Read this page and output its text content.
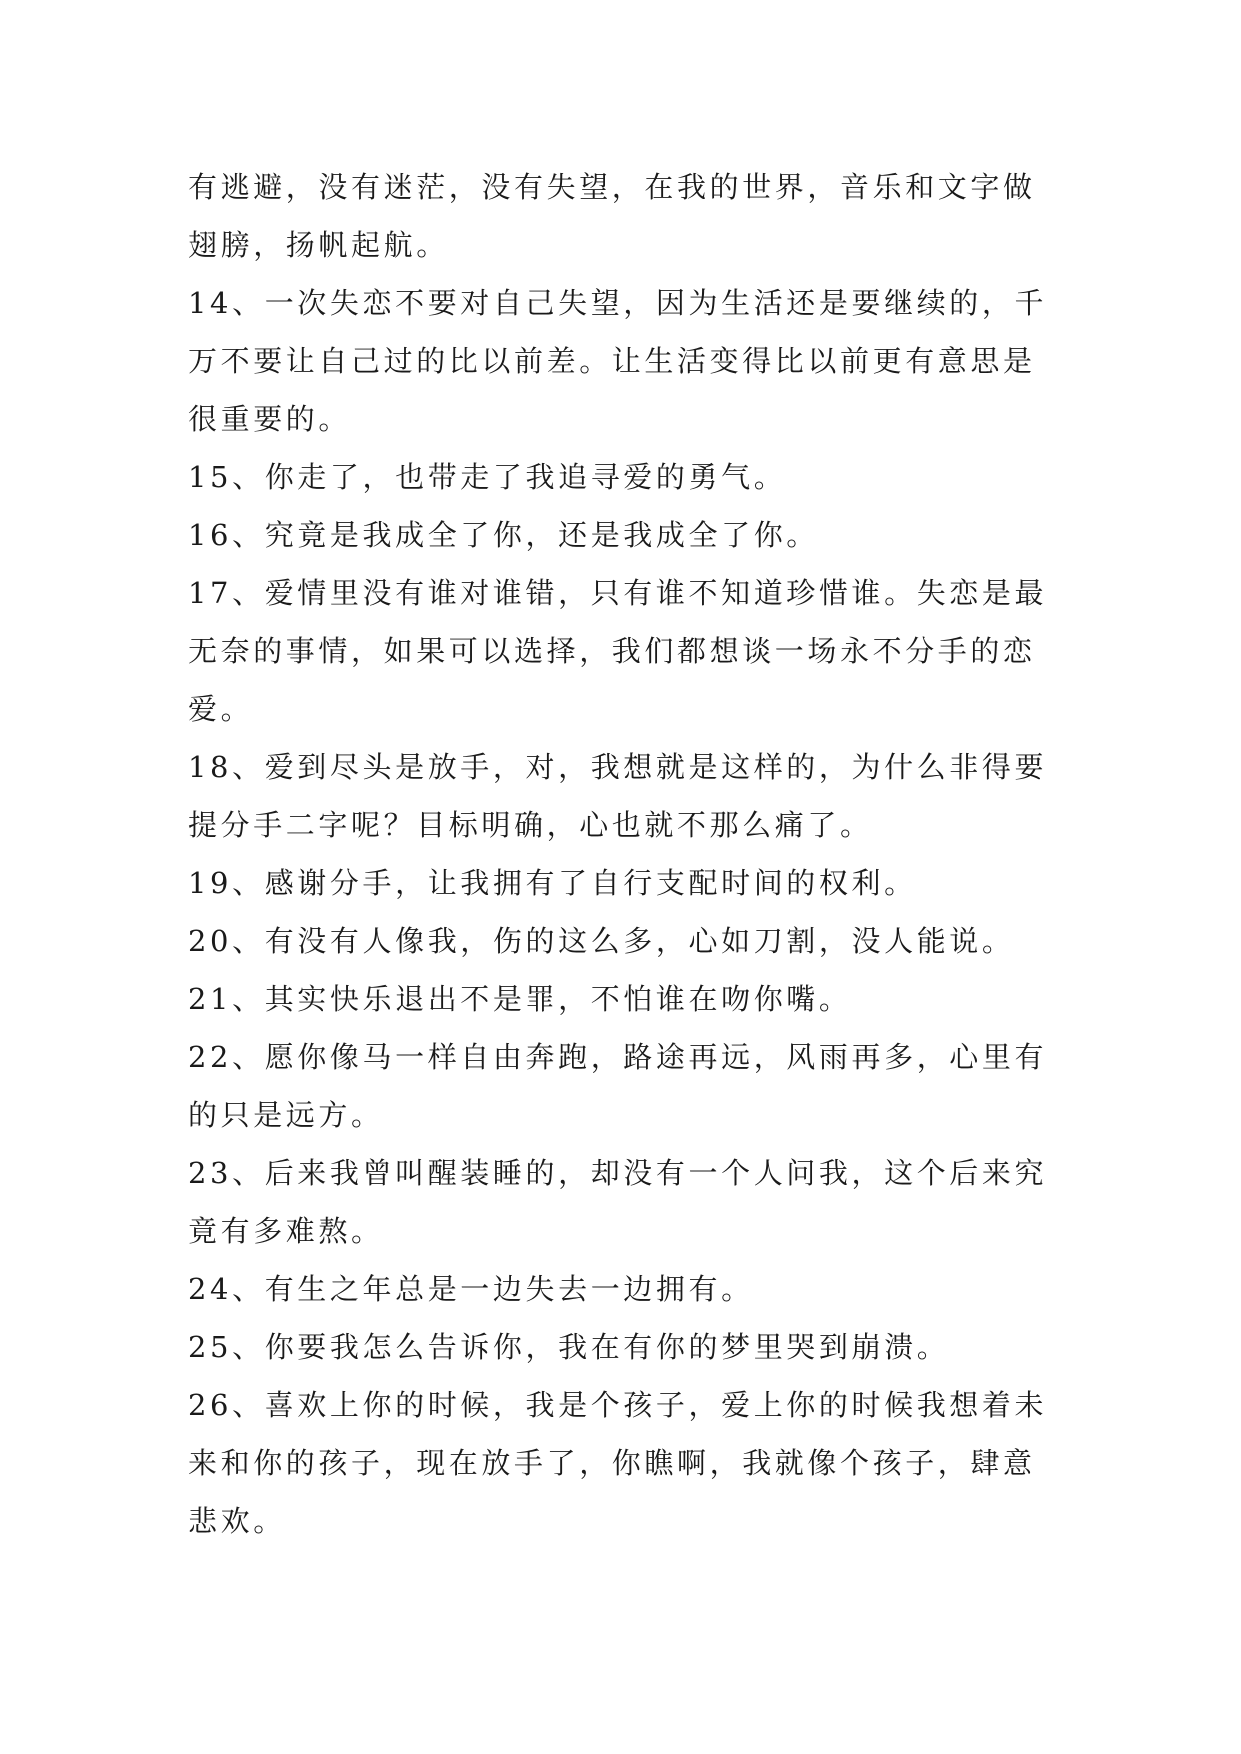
有逃避，没有迷茫，没有失望，在我的世界，音乐和文字做
翅膀，扬帆起航。
14、一次失恋不要对自己失望，因为生活还是要继续的，千
万不要让自己过的比以前差。让生活变得比以前更有意思是
很重要的。
15、你走了，也带走了我追寻爱的勇气。
16、究竟是我成全了你，还是我成全了你。
17、爱情里没有谁对谁错，只有谁不知道珍惜谁。失恋是最
无奈的事情，如果可以选择，我们都想谈一场永不分手的恋
爱。
18、爱到尽头是放手，对，我想就是这样的，为什么非得要
提分手二字呢？目标明确，心也就不那么痛了。
19、感谢分手，让我拥有了自行支配时间的权利。
20、有没有人像我，伤的这么多，心如刀割，没人能说。
21、其实快乐退出不是罪，不怕谁在吻你嘴。
22、愿你像马一样自由奔跑，路途再远，风雨再多，心里有
的只是远方。
23、后来我曾叫醒装睡的，却没有一个人问我，这个后来究
竟有多难熬。
24、有生之年总是一边失去一边拥有。
25、你要我怎么告诉你，我在有你的梦里哭到崩溃。
26、喜欢上你的时候，我是个孩子，爱上你的时候我想着未
来和你的孩子，现在放手了，你瞧啊，我就像个孩子，肆意
悲欢。
